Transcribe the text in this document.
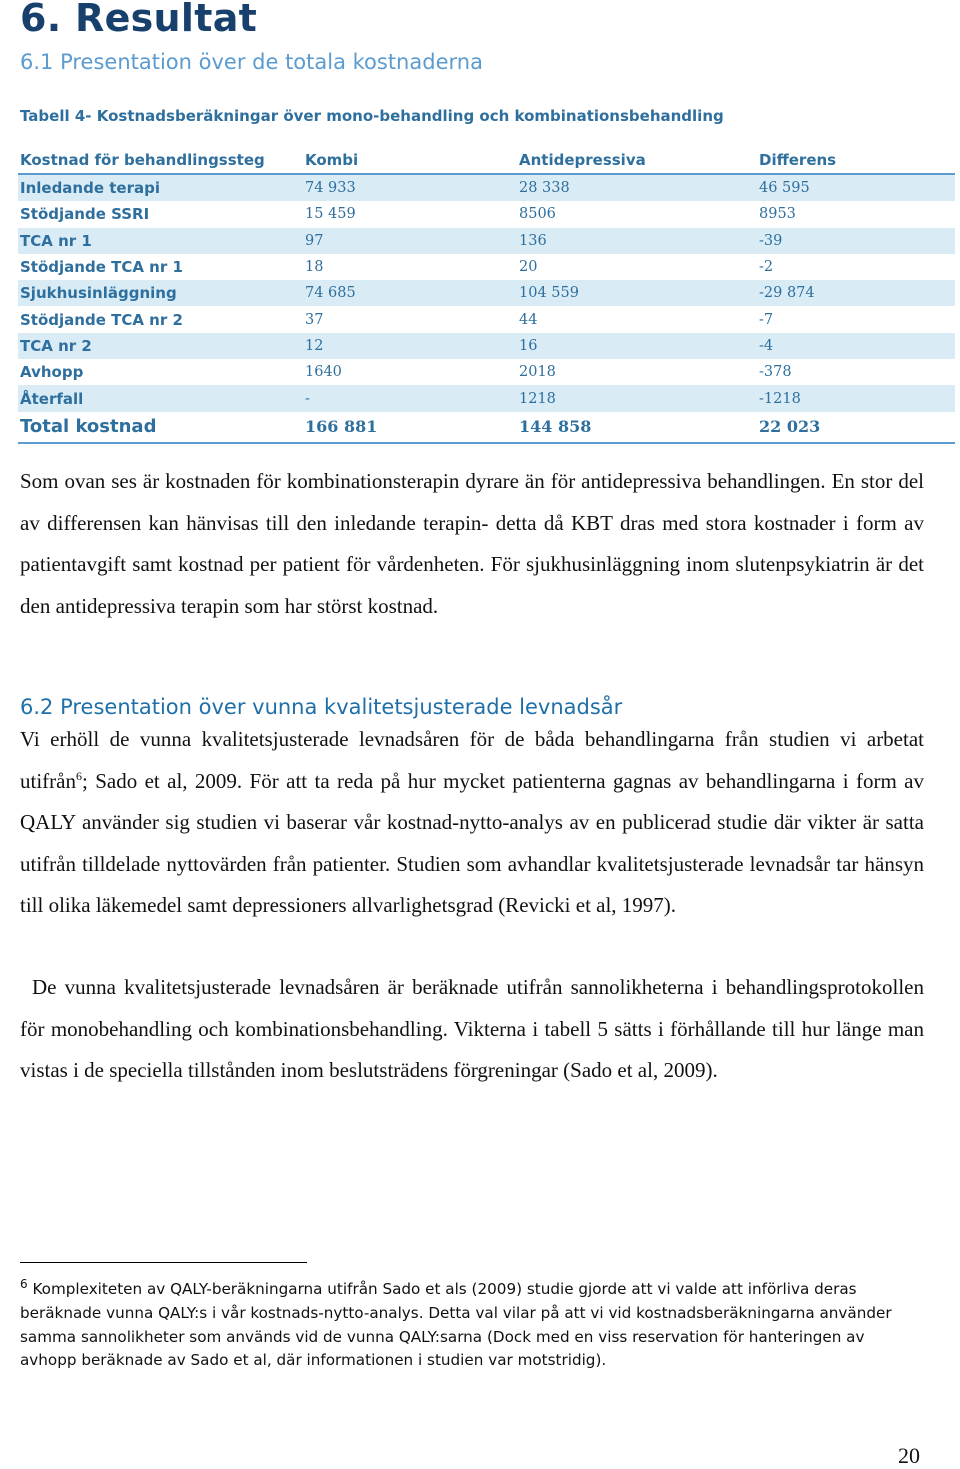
6. Resultat
6.1 Presentation över de totala kostnaderna

Tabell 4- Kostnadsberäkningar över mono-behandling och kombinationsbehandling

Kostnad för behandlingssteg	Kombi	Antidepressiva	Differens
Inledande terapi	74 933	28 338	46 595
Stödjande SSRI	15 459	8506	8953
TCA nr 1	97	136	-39
Stödjande TCA nr 1	18	20	-2
Sjukhusinläggning	74 685	104 559	-29 874
Stödjande TCA nr 2	37	44	-7
TCA nr 2	12	16	-4
Avhopp	1640	2018	-378
Återfall	-	1218	-1218
Total kostnad	166 881	144 858	22 023

Som ovan ses är kostnaden för kombinationsterapin dyrare än för antidepressiva behandlingen. En stor del av differensen kan hänvisas till den inledande terapin- detta då KBT dras med stora kostnader i form av patientavgift samt kostnad per patient för vårdenheten. För sjukhusinläggning inom slutenpsykiatrin är det den antidepressiva terapin som har störst kostnad.

6.2 Presentation över vunna kvalitetsjusterade levnadsår

Vi erhöll de vunna kvalitetsjusterade levnadsåren för de båda behandlingarna från studien vi arbetat utifrån$^6$; Sado et al, 2009. För att ta reda på hur mycket patienterna gagnas av behandlingarna i form av QALY använder sig studien vi baserar vår kostnad-nytto-analys av en publicerad studie där vikter är satta utifrån tilldelade nyttovärden från patienter. Studien som avhandlar kvalitetsjusterade levnadsår tar hänsyn till olika läkemedel samt depressioners allvarlighetsgrad (Revicki et al, 1997).

De vunna kvalitetsjusterade levnadsåren är beräknade utifrån sannolikheterna i behandlingsprotokollen för monobehandling och kombinationsbehandling. Vikterna i tabell 5 sätts i förhållande till hur länge man vistas i de speciella tillstånden inom beslutsträdens förgreningar (Sado et al, 2009).

$^6$ Komplexiteten av QALY-beräkningarna utifrån Sado et als (2009) studie gjorde att vi valde att införliva deras beräknade vunna QALY:s i vår kostnads-nytto-analys. Detta val vilar på att vi vid kostnadsberäkningarna använder samma sannolikheter som används vid de vunna QALY:sarna (Dock med en viss reservation för hanteringen av avhopp beräknade av Sado et al, där informationen i studien var motstridig).

20
